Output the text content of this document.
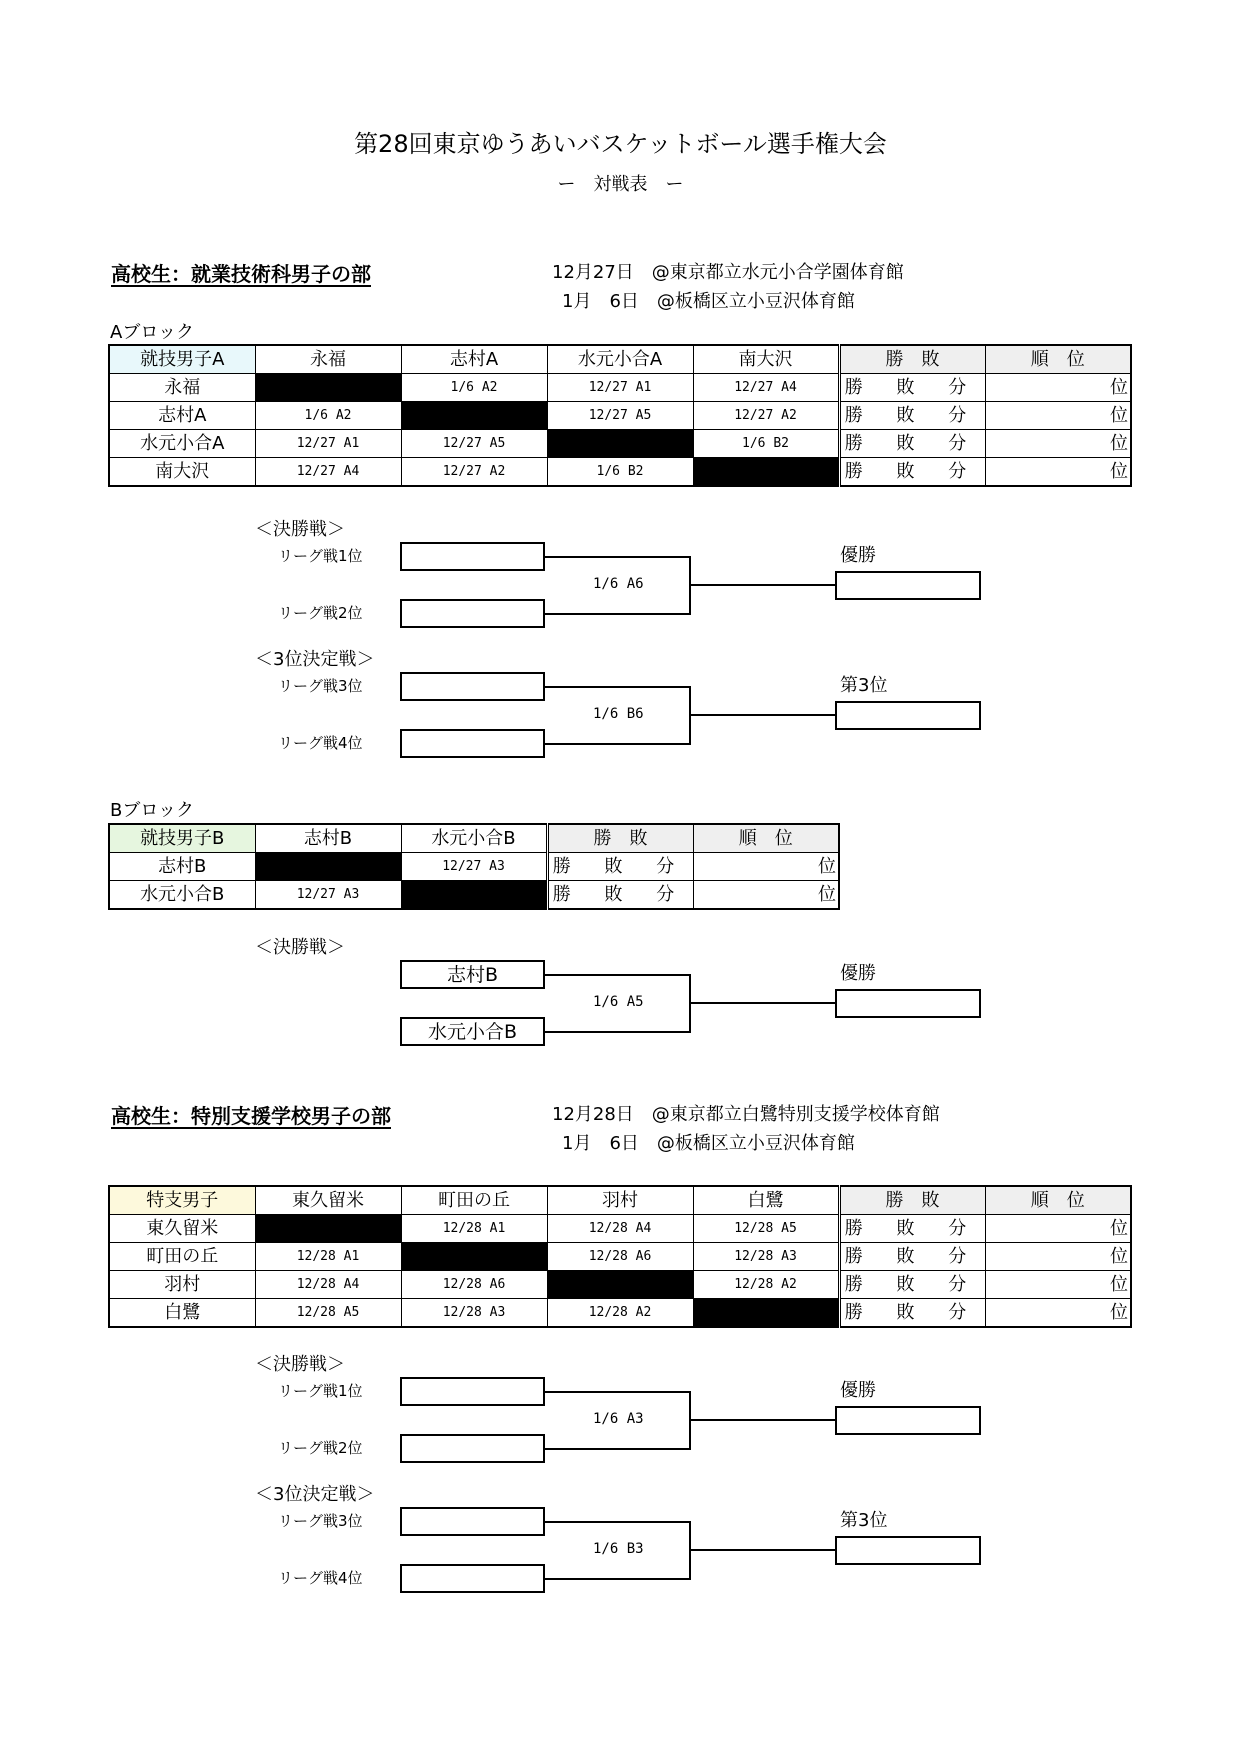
第28回東京ゆうあいバスケットボール選手権大会
ー　対戦表　ー
高校生：就業技術科男子の部	12月27日　@東京都立水元小合学園体育館
1月　6日　@板橋区立小豆沢体育館
Aブロック
就技男子A	永福	志村A	水元小合A	南大沢	勝　敗	順　位
永福		1/6 A2	12/27 A1	12/27 A4	勝 敗 分	位
志村A	1/6 A2		12/27 A5	12/27 A2	勝 敗 分	位
水元小合A	12/27 A1	12/27 A5		1/6 B2	勝 敗 分	位
南大沢	12/27 A4	12/27 A2	1/6 B2		勝 敗 分	位
＜決勝戦＞
リーグ戦1位
リーグ戦2位
1/6 A6
優勝
＜3位決定戦＞
リーグ戦3位
リーグ戦4位
1/6 B6
第3位
Bブロック
就技男子B	志村B	水元小合B	勝　敗	順　位
志村B		12/27 A3	勝 敗 分	位
水元小合B	12/27 A3		勝 敗 分	位
＜決勝戦＞
志村B
水元小合B
1/6 A5
優勝
高校生：特別支援学校男子の部	12月28日　@東京都立白鷺特別支援学校体育館
1月　6日　@板橋区立小豆沢体育館
特支男子	東久留米	町田の丘	羽村	白鷺	勝　敗	順　位
東久留米		12/28 A1	12/28 A4	12/28 A5	勝 敗 分	位
町田の丘	12/28 A1		12/28 A6	12/28 A3	勝 敗 分	位
羽村	12/28 A4	12/28 A6		12/28 A2	勝 敗 分	位
白鷺	12/28 A5	12/28 A3	12/28 A2		勝 敗 分	位
＜決勝戦＞
リーグ戦1位
リーグ戦2位
1/6 A3
優勝
＜3位決定戦＞
リーグ戦3位
リーグ戦4位
1/6 B3
第3位
